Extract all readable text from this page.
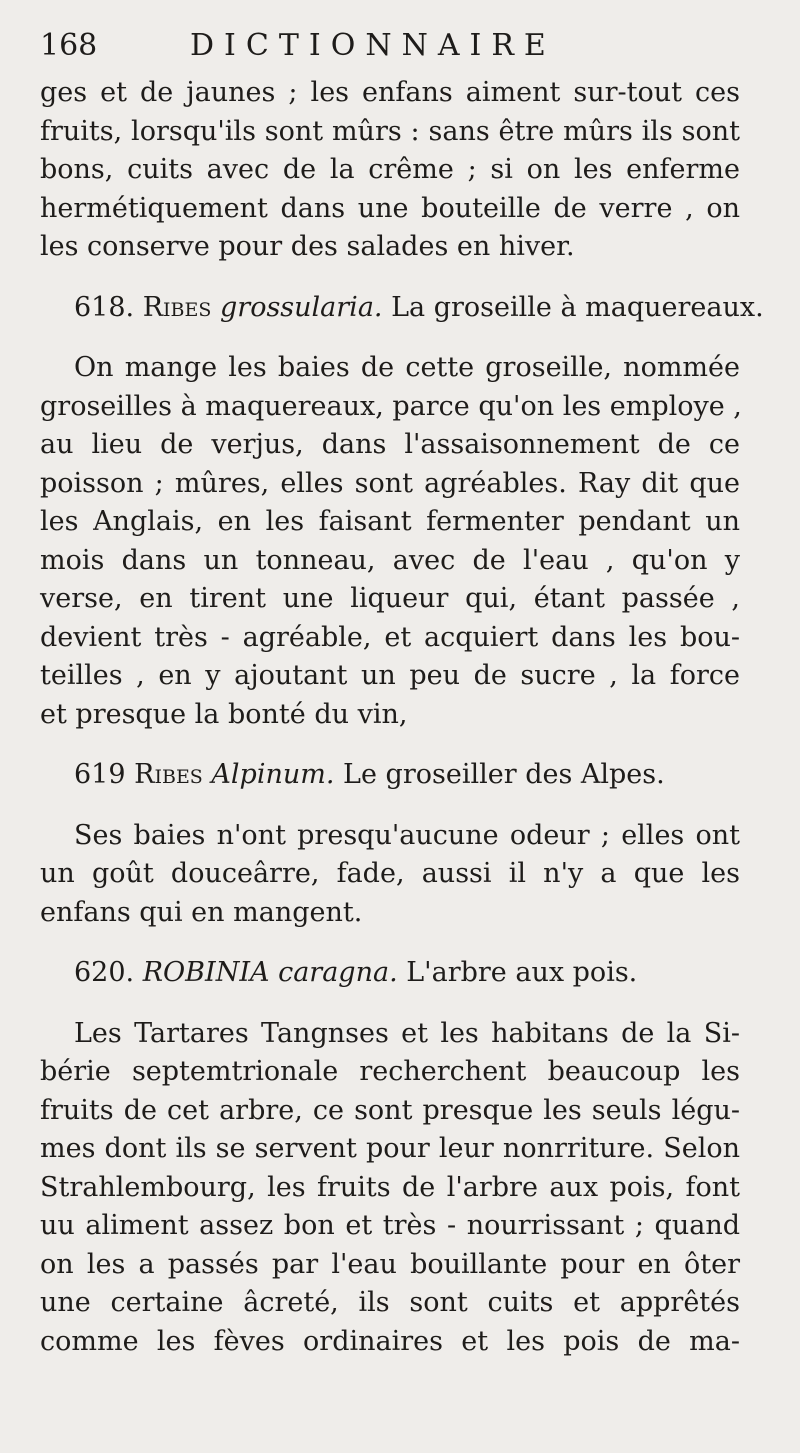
168	DICTIONNAIRE
ges et de jaunes ; les enfans aiment sur-tout ces
fruits, lorsqu'ils sont mûrs : sans être mûrs ils sont
bons, cuits avec de la crême ; si on les enferme
hermétiquement dans une bouteille de verre , on
les conserve pour des salades en hiver.
618. Ribes grossularia. La groseille à maquereaux.
On mange les baies de cette groseille, nommée
groseilles à maquereaux, parce qu'on les employe ,
au lieu de verjus, dans l'assaisonnement de ce
poisson ; mûres, elles sont agréables. Ray dit que
les Anglais, en les faisant fermenter pendant un
mois dans un tonneau, avec de l'eau , qu'on y
verse, en tirent une liqueur qui, étant passée ,
devient très - agréable, et acquiert dans les bou-
teilles , en y ajoutant un peu de sucre , la force
et presque la bonté du vin,
619 Ribes Alpinum. Le groseiller des Alpes.
Ses baies n'ont presqu'aucune odeur ; elles ont
un goût douceârre, fade, aussi il n'y a que les
enfans qui en mangent.
620. ROBINIA caragna. L'arbre aux pois.
Les Tartares Tangnses et les habitans de la Si-
bérie septemtrionale recherchent beaucoup les
fruits de cet arbre, ce sont presque les seuls légu-
mes dont ils se servent pour leur nonrriture. Selon
Strahlembourg, les fruits de l'arbre aux pois, font
uu aliment assez bon et très - nourrissant ; quand
on les a passés par l'eau bouillante pour en ôter
une certaine âcreté, ils sont cuits et apprêtés
comme les fèves ordinaires et les pois de ma-
